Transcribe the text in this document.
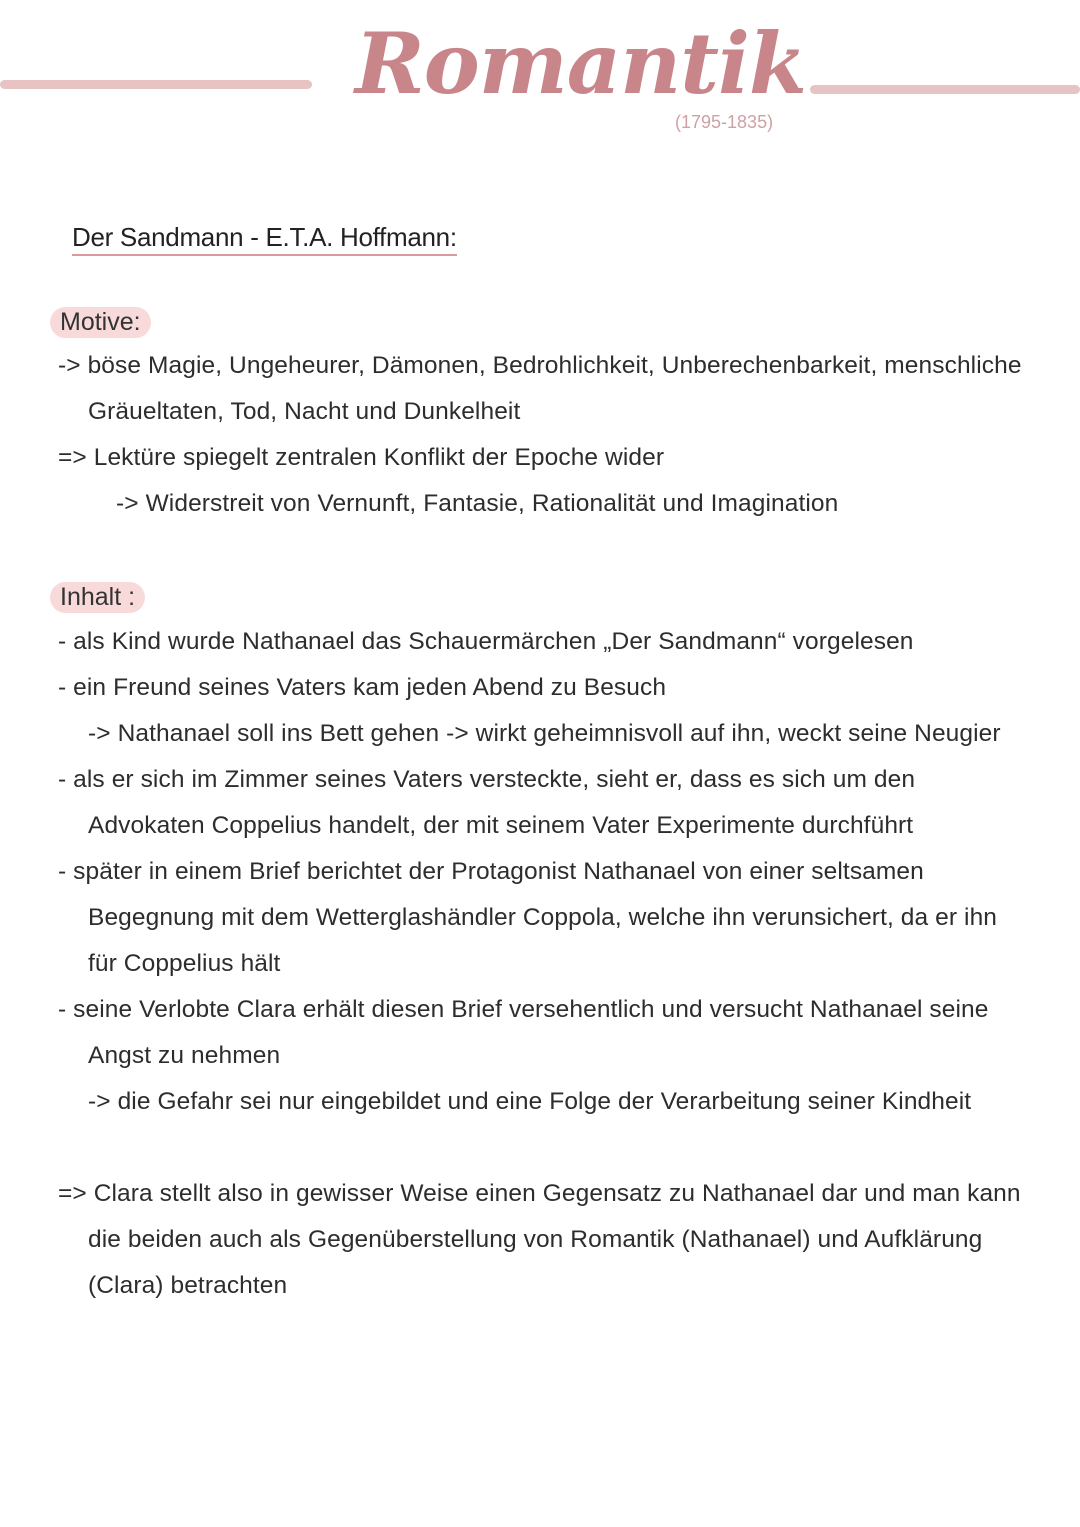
Romantik
(1795-1835)
Der Sandmann - E.T.A. Hoffmann:
Motive:
-> böse Magie, Ungeheurer, Dämonen, Bedrohlichkeit, Unberechenbarkeit, menschliche
Gräueltaten, Tod, Nacht und Dunkelheit
=> Lektüre spiegelt zentralen Konflikt der Epoche wider
-> Widerstreit von Vernunft, Fantasie, Rationalität und Imagination
Inhalt :
- als Kind wurde Nathanael das Schauermärchen „Der Sandmann“ vorgelesen
- ein Freund seines Vaters kam jeden Abend zu Besuch
-> Nathanael soll ins Bett gehen -> wirkt geheimnisvoll auf ihn, weckt seine Neugier
- als er sich im Zimmer seines Vaters versteckte, sieht er, dass es sich um den
Advokaten Coppelius handelt, der mit seinem Vater Experimente durchführt
- später in einem Brief berichtet der Protagonist Nathanael von einer seltsamen
Begegnung mit dem Wetterglashändler Coppola, welche ihn verunsichert, da er ihn
für Coppelius hält
- seine Verlobte Clara erhält diesen Brief versehentlich und versucht Nathanael seine
Angst zu nehmen
-> die Gefahr sei nur eingebildet und eine Folge der Verarbeitung seiner Kindheit
=> Clara stellt also in gewisser Weise einen Gegensatz zu Nathanael dar und man kann
die beiden auch als Gegenüberstellung von Romantik (Nathanael) und Aufklärung
(Clara) betrachten
